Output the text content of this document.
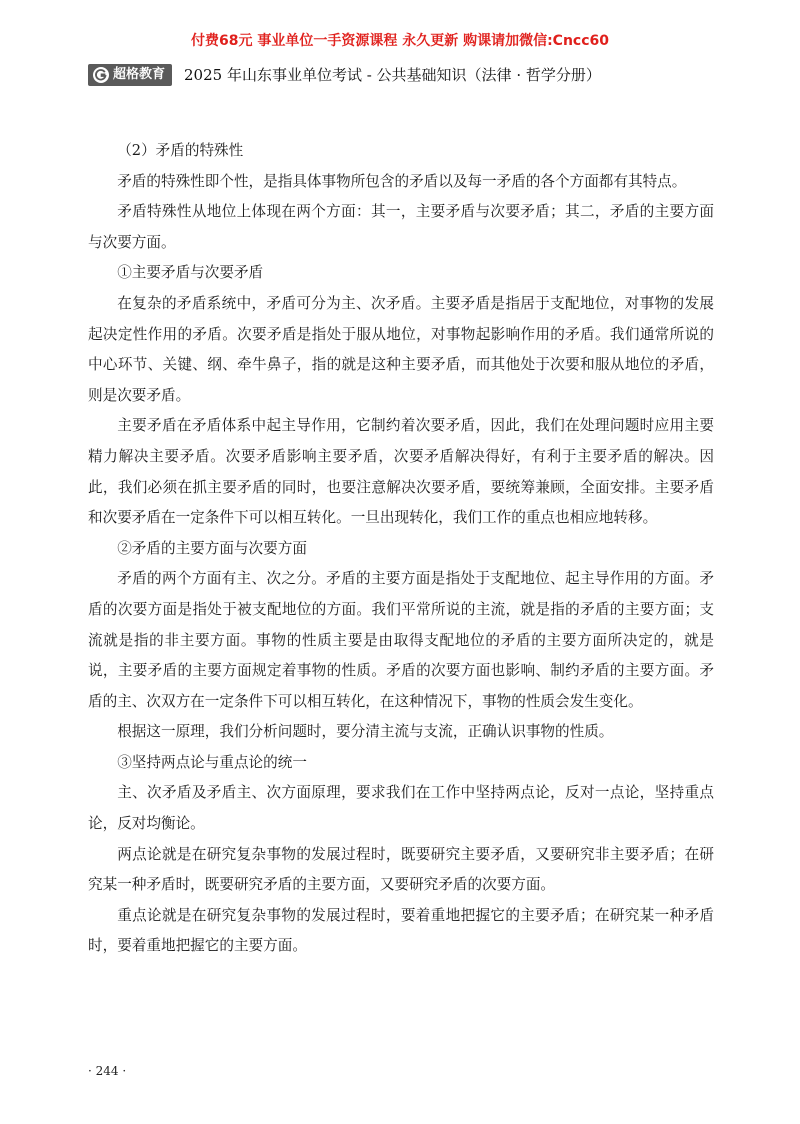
付费68元 事业单位一手资源课程 永久更新 购课请加微信:Cncc60
超格教育 2025 年山东事业单位考试 - 公共基础知识（法律 · 哲学分册）

（2）矛盾的特殊性

矛盾的特殊性即个性，是指具体事物所包含的矛盾以及每一矛盾的各个方面都有其特点。

矛盾特殊性从地位上体现在两个方面：其一，主要矛盾与次要矛盾；其二，矛盾的主要方面与次要方面。

①主要矛盾与次要矛盾

在复杂的矛盾系统中，矛盾可分为主、次矛盾。主要矛盾是指居于支配地位，对事物的发展起决定性作用的矛盾。次要矛盾是指处于服从地位，对事物起影响作用的矛盾。我们通常所说的中心环节、关键、纲、牵牛鼻子，指的就是这种主要矛盾，而其他处于次要和服从地位的矛盾，则是次要矛盾。

主要矛盾在矛盾体系中起主导作用，它制约着次要矛盾，因此，我们在处理问题时应用主要精力解决主要矛盾。次要矛盾影响主要矛盾，次要矛盾解决得好，有利于主要矛盾的解决。因此，我们必须在抓主要矛盾的同时，也要注意解决次要矛盾，要统筹兼顾，全面安排。主要矛盾和次要矛盾在一定条件下可以相互转化。一旦出现转化，我们工作的重点也相应地转移。

②矛盾的主要方面与次要方面

矛盾的两个方面有主、次之分。矛盾的主要方面是指处于支配地位、起主导作用的方面。矛盾的次要方面是指处于被支配地位的方面。我们平常所说的主流，就是指的矛盾的主要方面；支流就是指的非主要方面。事物的性质主要是由取得支配地位的矛盾的主要方面所决定的，就是说，主要矛盾的主要方面规定着事物的性质。矛盾的次要方面也影响、制约矛盾的主要方面。矛盾的主、次双方在一定条件下可以相互转化，在这种情况下，事物的性质会发生变化。

根据这一原理，我们分析问题时，要分清主流与支流，正确认识事物的性质。

③坚持两点论与重点论的统一

主、次矛盾及矛盾主、次方面原理，要求我们在工作中坚持两点论，反对一点论，坚持重点论，反对均衡论。

两点论就是在研究复杂事物的发展过程时，既要研究主要矛盾，又要研究非主要矛盾；在研究某一种矛盾时，既要研究矛盾的主要方面，又要研究矛盾的次要方面。

重点论就是在研究复杂事物的发展过程时，要着重地把握它的主要矛盾；在研究某一种矛盾时，要着重地把握它的主要方面。

· 244 ·
